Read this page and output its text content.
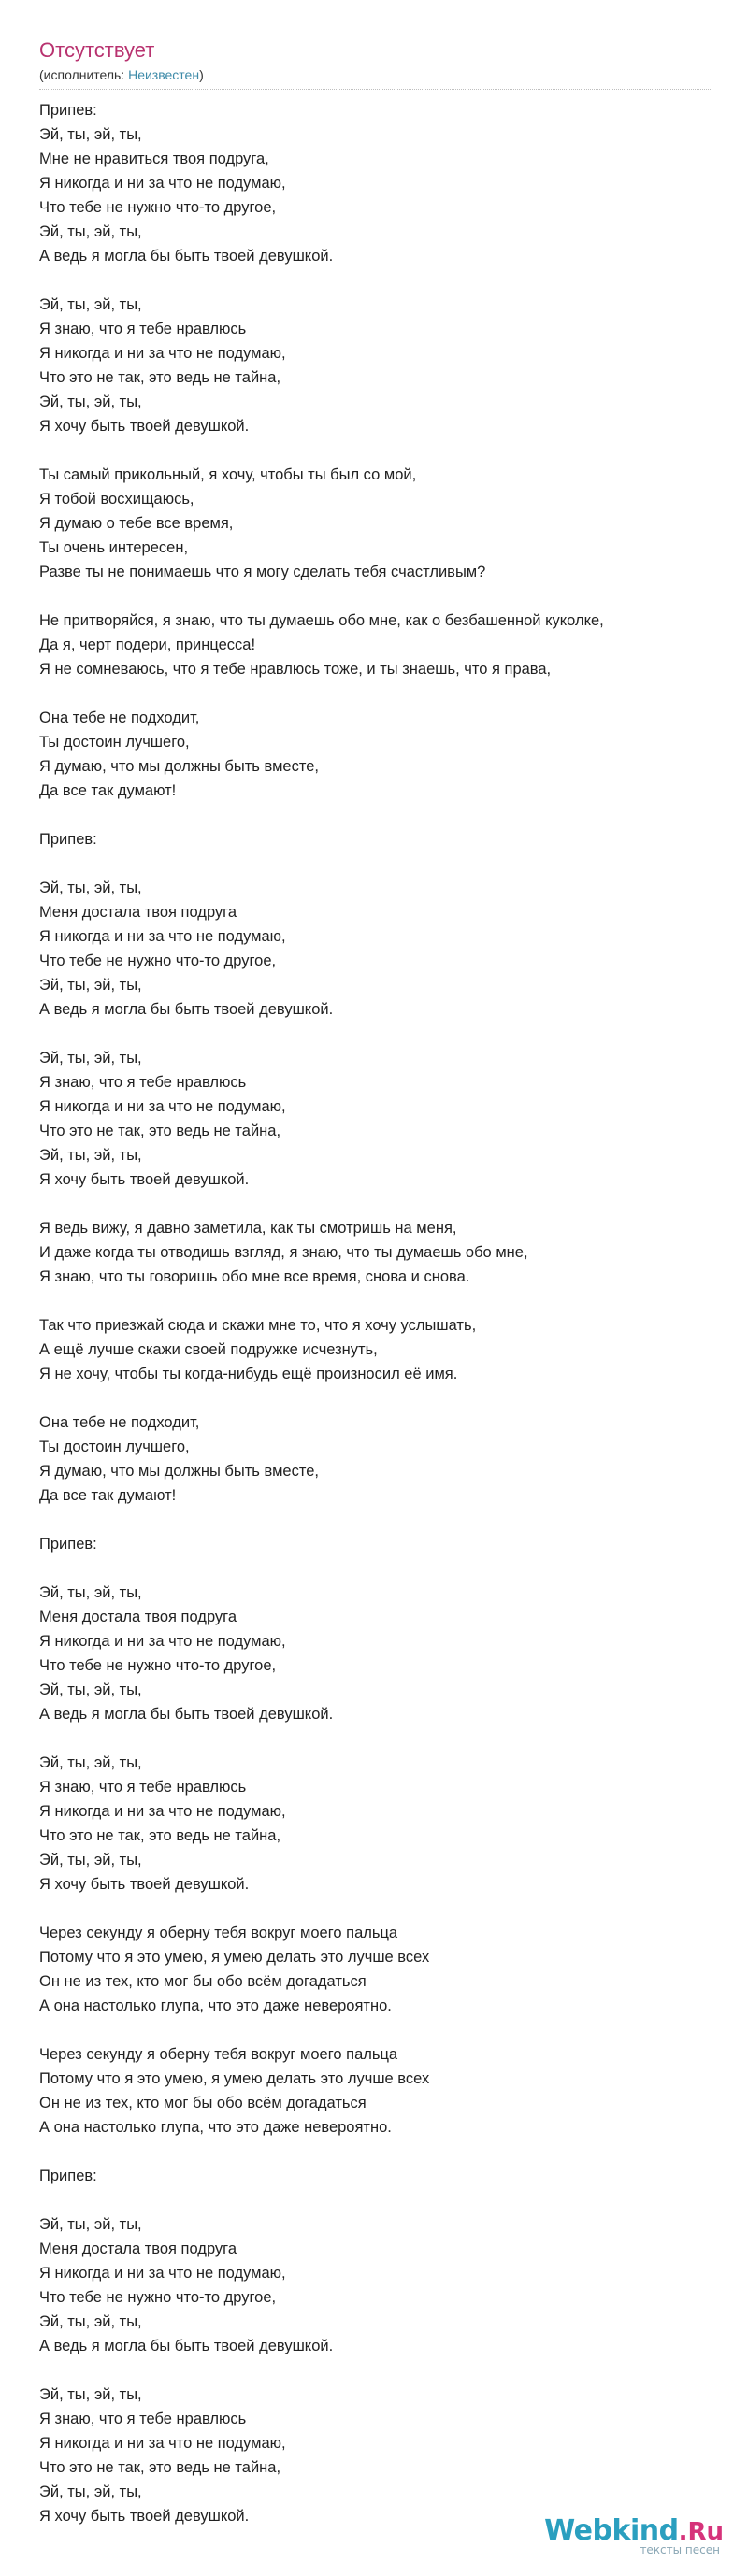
Отсутствует
(исполнитель: Неизвестен)
Припев:
Эй, ты, эй, ты,
Мне не нравиться твоя подруга,
Я никогда и ни за что не подумаю,
Что тебе не нужно что-то другое,
Эй, ты, эй, ты,
А ведь я могла бы быть твоей девушкой.
Эй, ты, эй, ты,
Я знаю, что я тебе нравлюсь
Я никогда и ни за что не подумаю,
Что это не так, это ведь не тайна,
Эй, ты, эй, ты,
Я хочу быть твоей девушкой.
Ты самый прикольный, я хочу, чтобы ты был со мой,
Я тобой восхищаюсь,
Я думаю о тебе все время,
Ты очень интересен,
Разве ты не понимаешь что я могу сделать тебя счастливым?
Не притворяйся, я знаю, что ты думаешь обо мне, как о безбашенной куколке,
Да я, черт подери, принцесса!
Я не сомневаюсь, что я тебе нравлюсь тоже, и ты знаешь, что я права,
Она тебе не подходит,
Ты достоин лучшего,
Я думаю, что мы должны быть вместе,
Да все так думают!
Припев:
Эй, ты, эй, ты,
Меня достала твоя подруга
Я никогда и ни за что не подумаю,
Что тебе не нужно что-то другое,
Эй, ты, эй, ты,
А ведь я могла бы быть твоей девушкой.
Эй, ты, эй, ты,
Я знаю, что я тебе нравлюсь
Я никогда и ни за что не подумаю,
Что это не так, это ведь не тайна,
Эй, ты, эй, ты,
Я хочу быть твоей девушкой.
Я ведь вижу, я давно заметила, как ты смотришь на меня,
И даже когда ты отводишь взгляд, я знаю, что ты думаешь обо мне,
Я знаю, что ты говоришь обо мне все время, снова и снова.
Так что приезжай сюда и скажи мне то, что я хочу услышать,
А ещё лучше скажи своей подружке исчезнуть,
Я не хочу, чтобы ты когда-нибудь ещё произносил её имя.
Она тебе не подходит,
Ты достоин лучшего,
Я думаю, что мы должны быть вместе,
Да все так думают!
Припев:
Эй, ты, эй, ты,
Меня достала твоя подруга
Я никогда и ни за что не подумаю,
Что тебе не нужно что-то другое,
Эй, ты, эй, ты,
А ведь я могла бы быть твоей девушкой.
Эй, ты, эй, ты,
Я знаю, что я тебе нравлюсь
Я никогда и ни за что не подумаю,
Что это не так, это ведь не тайна,
Эй, ты, эй, ты,
Я хочу быть твоей девушкой.
Через секунду я оберну тебя вокруг моего пальца
Потому что я это умею, я умею делать это лучше всех
Он не из тех, кто мог бы обо всём догадаться
А она настолько глупа, что это даже невероятно.
Через секунду я оберну тебя вокруг моего пальца
Потому что я это умею, я умею делать это лучше всех
Он не из тех, кто мог бы обо всём догадаться
А она настолько глупа, что это даже невероятно.
Припев:
Эй, ты, эй, ты,
Меня достала твоя подруга
Я никогда и ни за что не подумаю,
Что тебе не нужно что-то другое,
Эй, ты, эй, ты,
А ведь я могла бы быть твоей девушкой.
Эй, ты, эй, ты,
Я знаю, что я тебе нравлюсь
Я никогда и ни за что не подумаю,
Что это не так, это ведь не тайна,
Эй, ты, эй, ты,
Я хочу быть твоей девушкой.	Webkind.Ru
тексты песен
